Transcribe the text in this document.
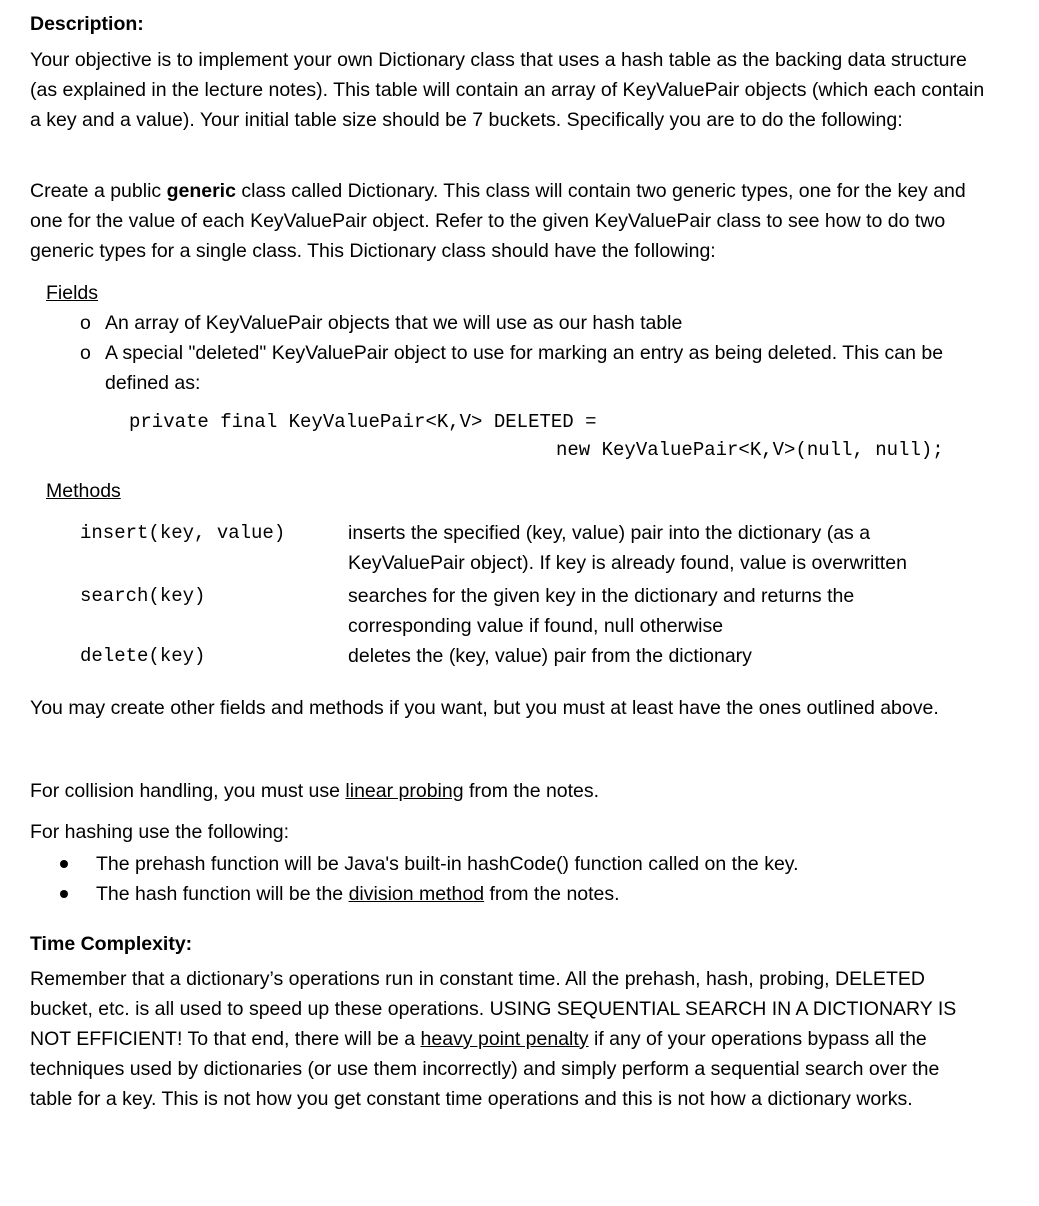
Description:

Your objective is to implement your own Dictionary class that uses a hash table as the backing data structure (as explained in the lecture notes). This table will contain an array of KeyValuePair objects (which each contain a key and a value). Your initial table size should be 7 buckets. Specifically you are to do the following:

Create a public generic class called Dictionary. This class will contain two generic types, one for the key and one for the value of each KeyValuePair object. Refer to the given KeyValuePair class to see how to do two generic types for a single class. This Dictionary class should have the following:

Fields
o An array of KeyValuePair objects that we will use as our hash table
o A special "deleted" KeyValuePair object to use for marking an entry as being deleted. This can be defined as:
private final KeyValuePair<K,V> DELETED =
new KeyValuePair<K,V>(null, null);
Methods
insert(key, value)	inserts the specified (key, value) pair into the dictionary (as a KeyValuePair object). If key is already found, value is overwritten
search(key)	searches for the given key in the dictionary and returns the corresponding value if found, null otherwise
delete(key)	deletes the (key, value) pair from the dictionary

You may create other fields and methods if you want, but you must at least have the ones outlined above.

For collision handling, you must use linear probing from the notes.

For hashing use the following:

The prehash function will be Java's built-in hashCode() function called on the key.
The hash function will be the division method from the notes.
Time Complexity:

Remember that a dictionary’s operations run in constant time. All the prehash, hash, probing, DELETED bucket, etc. is all used to speed up these operations. USING SEQUENTIAL SEARCH IN A DICTIONARY IS NOT EFFICIENT! To that end, there will be a heavy point penalty if any of your operations bypass all the techniques used by dictionaries (or use them incorrectly) and simply perform a sequential search over the table for a key. This is not how you get constant time operations and this is not how a dictionary works.
